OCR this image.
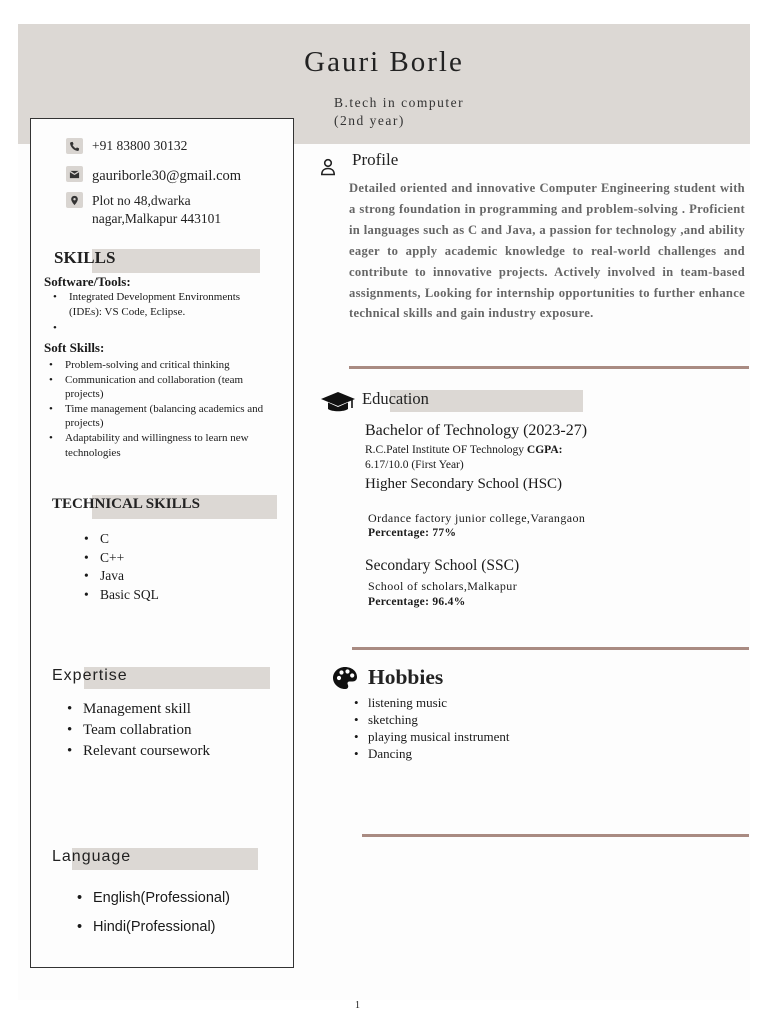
Gauri Borle
B.tech in computer
(2nd year)
+91 83800 30132
gauriborle30@gmail.com
Plot no 48,dwarka
nagar,Malkapur 443101
SKILLS
Software/Tools:
• Integrated Development Environments (IDEs): VS Code, Eclipse.
•
Soft Skills:
• Problem-solving and critical thinking
• Communication and collaboration (team projects)
• Time management (balancing academics and projects)
• Adaptability and willingness to learn new technologies
TECHNICAL SKILLS
• C
• C++
• Java
• Basic SQL
Expertise
• Management skill
• Team collabration
• Relevant coursework
Language
• English(Professional)
• Hindi(Professional)
Profile
Detailed oriented and innovative Computer Engineering student with a strong foundation in programming and problem-solving . Proficient in languages such as C and Java, a passion for technology ,and ability eager to apply academic knowledge to real-world challenges and contribute to innovative projects. Actively involved in team-based assignments, Looking for internship opportunities to further enhance technical skills and gain industry exposure.
Education
Bachelor of Technology (2023-27)
R.C.Patel Institute OF Technology CGPA:
6.17/10.0 (First Year)
Higher Secondary School (HSC)
Ordance factory junior college,Varangaon
Percentage: 77%
Secondary School (SSC)
School of scholars,Malkapur
Percentage: 96.4%
Hobbies
• listening music
• sketching
• playing musical instrument
• Dancing
1
